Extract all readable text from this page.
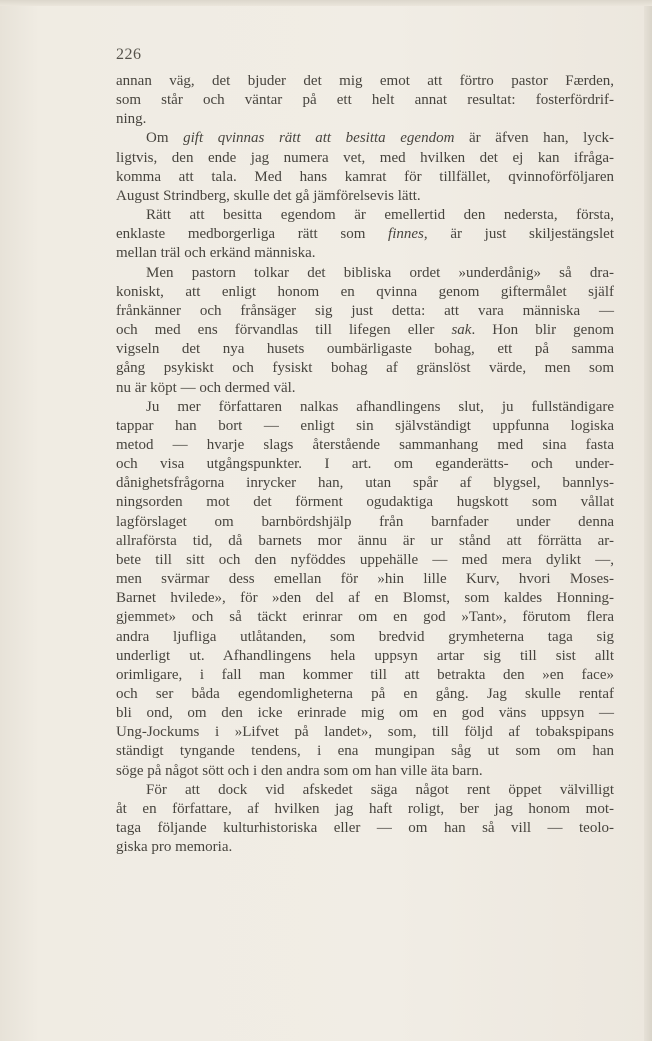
226
annan väg, det bjuder det mig emot att förtro pastor Færden,
som står och väntar på ett helt annat resultat: fosterfördrif-
ning.
Om gift qvinnas rätt att besitta egendom är äfven han, lyck-
ligtvis, den ende jag numera vet, med hvilken det ej kan ifråga-
komma att tala. Med hans kamrat för tillfället, qvinnoförföljaren
August Strindberg, skulle det gå jämförelsevis lätt.
Rätt att besitta egendom är emellertid den nedersta, första,
enklaste medborgerliga rätt som finnes, är just skiljestängslet
mellan träl och erkänd människa.
Men pastorn tolkar det bibliska ordet »underdånig» så dra-
koniskt, att enligt honom en qvinna genom giftermålet själf
frånkänner och frånsäger sig just detta: att vara människa —
och med ens förvandlas till lifegen eller sak. Hon blir genom
vigseln det nya husets oumbärligaste bohag, ett på samma
gång psykiskt och fysiskt bohag af gränslöst värde, men som
nu är köpt — och dermed väl.
Ju mer författaren nalkas afhandlingens slut, ju fullständigare
tappar han bort — enligt sin självständigt uppfunna logiska
metod — hvarje slags återstående sammanhang med sina fasta
och visa utgångspunkter. I art. om eganderätts- och under-
dånighetsfrågorna inrycker han, utan spår af blygsel, bannlys-
ningsorden mot det förment ogudaktiga hugskott som vållat
lagförslaget om barnbördshjälp från barnfader under denna
allraförsta tid, då barnets mor ännu är ur stånd att förrätta ar-
bete till sitt och den nyföddes uppehälle — med mera dylikt —,
men svärmar dess emellan för »hin lille Kurv, hvori Moses-
Barnet hvilede», för »den del af en Blomst, som kaldes Honning-
gjemmet» och så täckt erinrar om en god »Tant», förutom flera
andra ljufliga utlåtanden, som bredvid grymheterna taga sig
underligt ut. Afhandlingens hela uppsyn artar sig till sist allt
orimligare, i fall man kommer till att betrakta den »en face»
och ser båda egendomligheterna på en gång. Jag skulle rentaf
bli ond, om den icke erinrade mig om en god väns uppsyn —
Ung-Jockums i »Lifvet på landet», som, till följd af tobakspipans
ständigt tyngande tendens, i ena mungipan såg ut som om han
söge på något sött och i den andra som om han ville äta barn.
För att dock vid afskedet säga något rent öppet välvilligt
åt en författare, af hvilken jag haft roligt, ber jag honom mot-
taga följande kulturhistoriska eller — om han så vill — teolo-
giska pro memoria.
